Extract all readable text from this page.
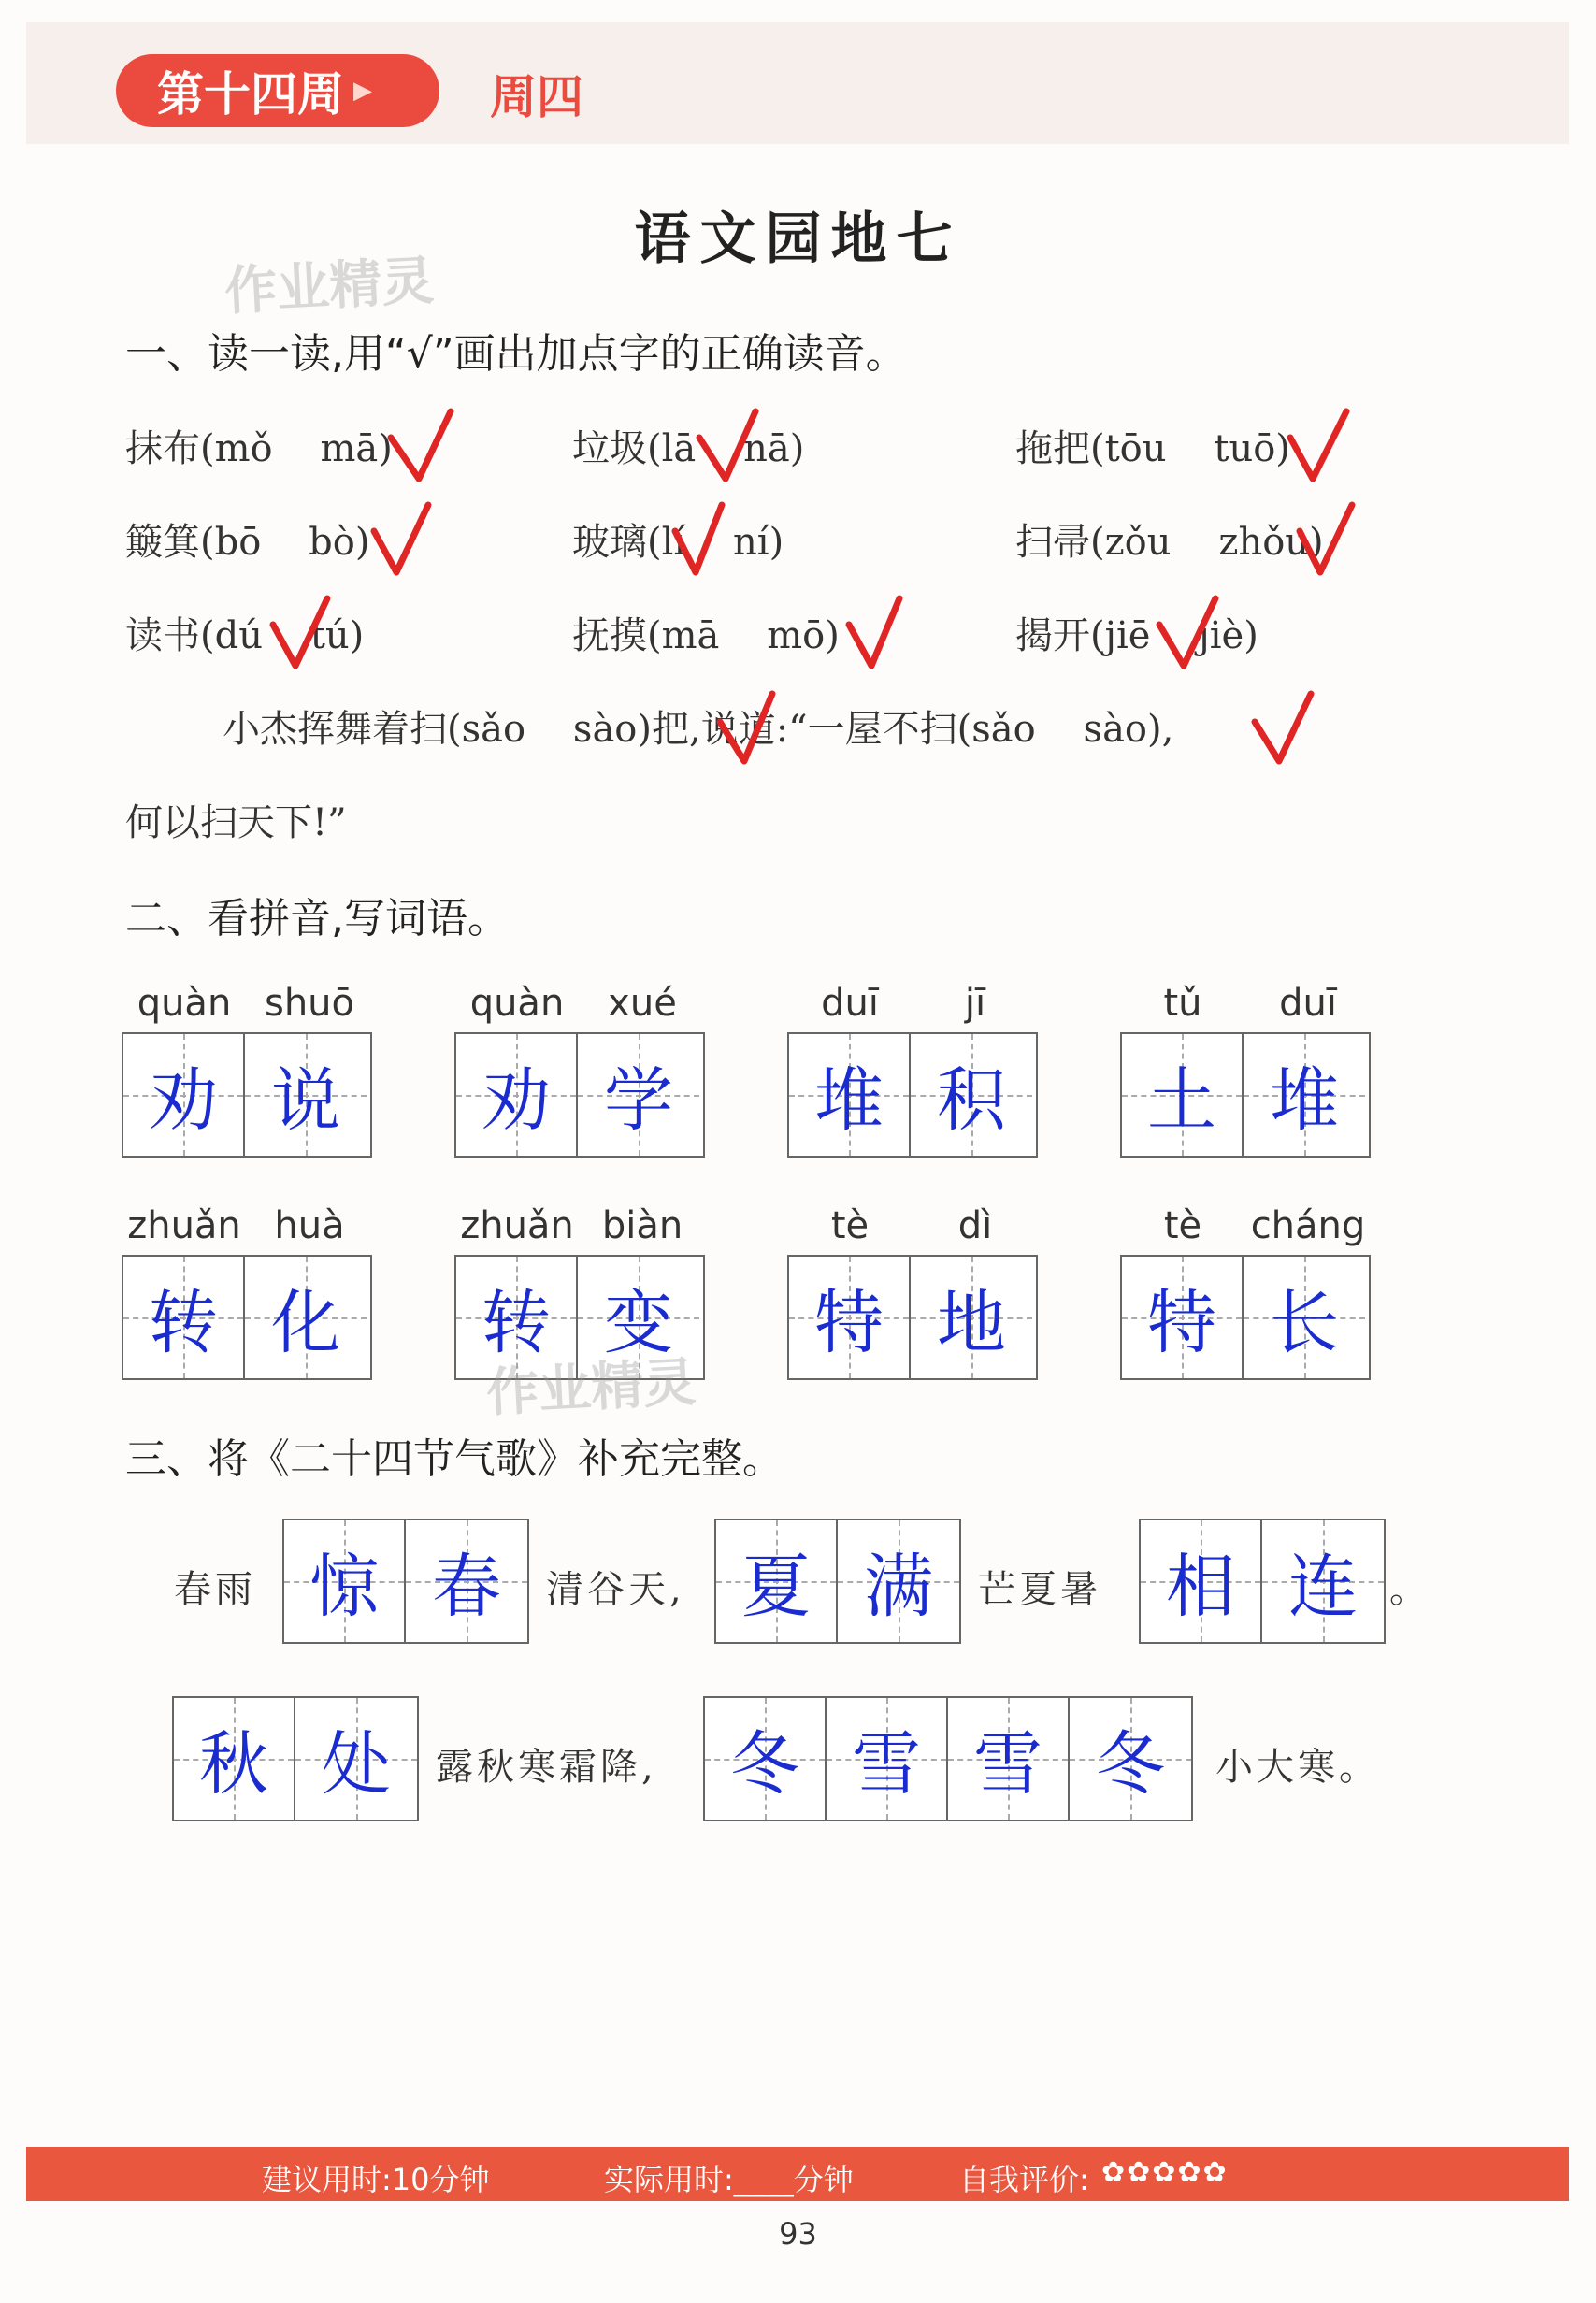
第十四周 ▶	周四
语文园地七
作业精灵
一、读一读,用“√”画出加点字的正确读音。
抹布(mǒ    mā)	垃圾(lā    nā)	拖把(tōu    tuō)
簸箕(bō    bò)	玻璃(lí    ní)	扫帚(zǒu    zhǒu)
读书(dú    tú)	抚摸(mā    mō)	揭开(jiē    jiè)
小杰挥舞着扫(sǎo    sào)把,说道:“一屋不扫(sǎo    sào),
何以扫天下!”
二、看拼音,写词语。
quàn shuō
劝 说
quàn	xué
劝 学
duī	jī
堆 积
tǔ	duī
土 堆
zhuǎn huà
转 化
zhuǎn biàn
转 变
tè	dì
特 地
tè	cháng
特 长
作业精灵
三、将《二十四节气歌》补充完整。
春雨 惊 春 清谷天, 夏 满 芒夏暑 相 连 。
秋 处 露秋寒霜降, 冬 雪 雪 冬 小大寒。
建议用时:10分钟	实际用时:____分钟	自我评价: ✿✿✿✿✿
93
